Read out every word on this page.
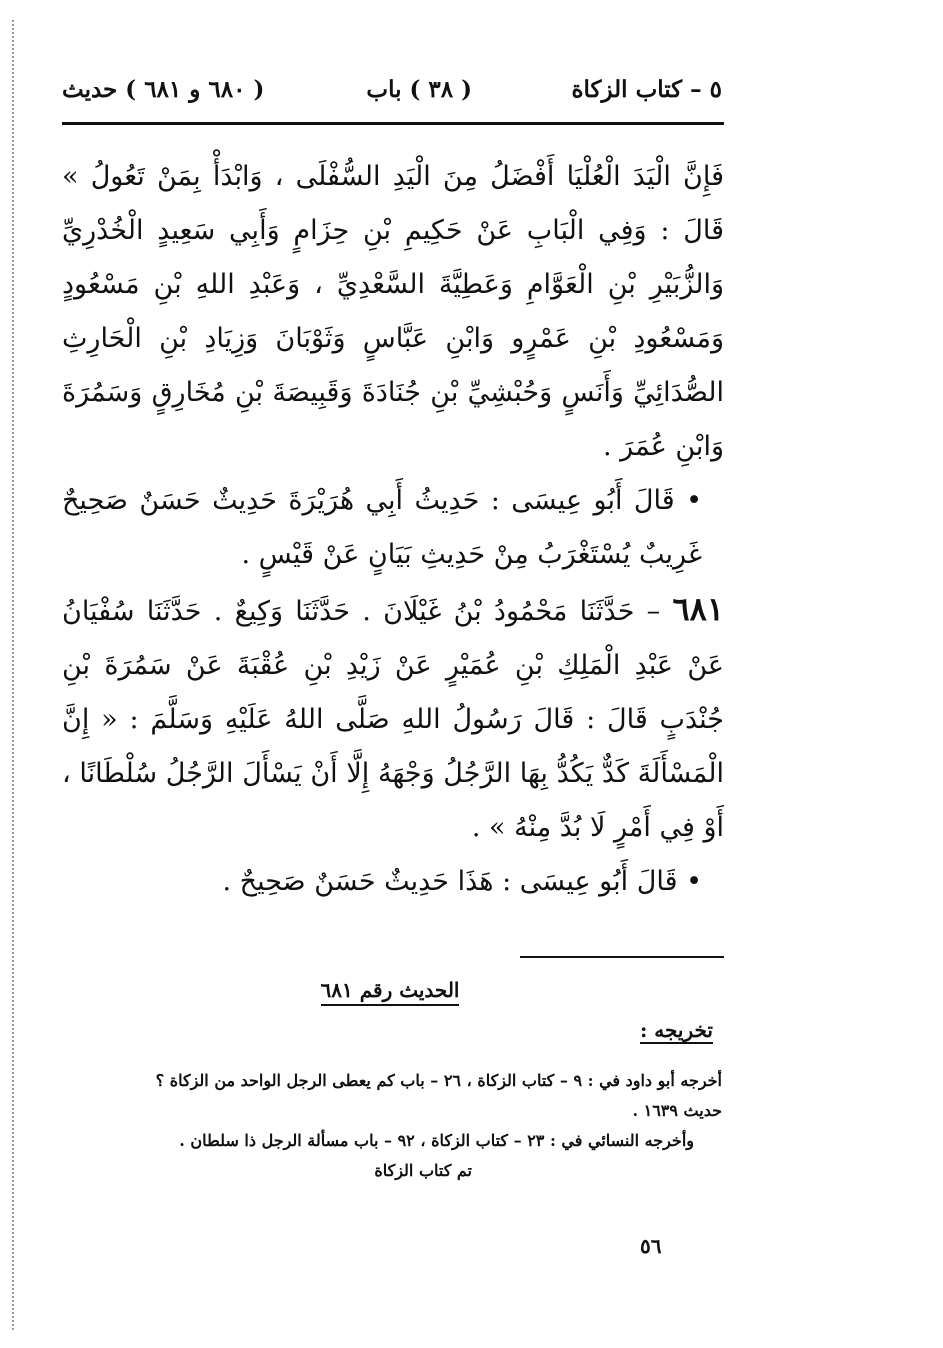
٥ – كتاب الزكاة
( ٣٨ ) باب
( ٦٨٠ و ٦٨١ ) حديث

فَإِنَّ الْيَدَ الْعُلْيَا أَفْضَلُ مِنَ الْيَدِ السُّفْلَى ، وَابْدَأْ بِمَنْ تَعُولُ » قَالَ : وَفِي الْبَابِ عَنْ حَكِيمِ بْنِ حِزَامٍ وَأَبِي سَعِيدٍ الْخُدْرِيِّ وَالزُّبَيْرِ بْنِ الْعَوَّامِ وَعَطِيَّةَ السَّعْدِيِّ ، وَعَبْدِ اللهِ بْنِ مَسْعُودٍ وَمَسْعُودِ بْنِ عَمْرٍو وَابْنِ عَبَّاسٍ وَثَوْبَانَ وَزِيَادِ بْنِ الْحَارِثِ الصُّدَائِيِّ وَأَنَسٍ وَحُبْشِيِّ بْنِ جُنَادَةَ وَقَبِيصَةَ بْنِ مُخَارِقٍ وَسَمُرَةَ وَابْنِ عُمَرَ .

• قَالَ أَبُو عِيسَى : حَدِيثُ أَبِي هُرَيْرَةَ حَدِيثٌ حَسَنٌ صَحِيحٌ غَرِيبٌ يُسْتَغْرَبُ مِنْ حَدِيثِ بَيَانٍ عَنْ قَيْسٍ .

٦٨١ – حَدَّثَنَا مَحْمُودُ بْنُ غَيْلَانَ . حَدَّثَنَا وَكِيعٌ . حَدَّثَنَا سُفْيَانُ عَنْ عَبْدِ الْمَلِكِ بْنِ عُمَيْرٍ عَنْ زَيْدِ بْنِ عُقْبَةَ عَنْ سَمُرَةَ بْنِ جُنْدَبٍ قَالَ : قَالَ رَسُولُ اللهِ صَلَّى اللهُ عَلَيْهِ وَسَلَّمَ : « إِنَّ الْمَسْأَلَةَ كَدٌّ يَكُدُّ بِهَا الرَّجُلُ وَجْهَهُ إِلَّا أَنْ يَسْأَلَ الرَّجُلُ سُلْطَانًا ، أَوْ فِي أَمْرٍ لَا بُدَّ مِنْهُ » .

• قَالَ أَبُو عِيسَى : هَذَا حَدِيثٌ حَسَنٌ صَحِيحٌ .

الحديث رقم ٦٨١
تخريجه :

أخرجه أبو داود في : ٩ – كتاب الزكاة ، ٢٦ – باب كم يعطى الرجل الواحد من الزكاة ؟

حديث ١٦٣٩ .

وأخرجه النسائي في : ٢٣ – كتاب الزكاة ، ٩٢ – باب مسألة الرجل ذا سلطان .

تم كتاب الزكاة

٥٦
